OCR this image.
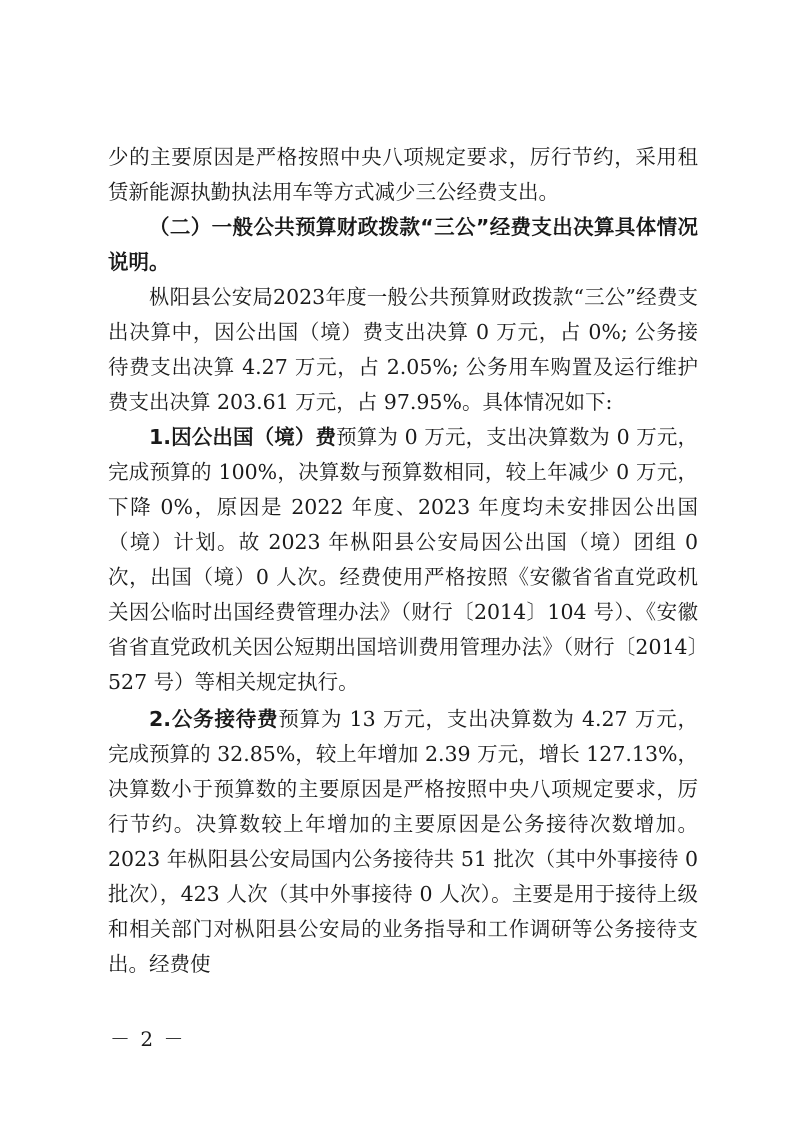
少的主要原因是严格按照中央八项规定要求，厉行节约，采用租赁新能源执勤执法用车等方式减少三公经费支出。

（二）一般公共预算财政拨款“三公”经费支出决算具体情况说明。

枞阳县公安局2023年度一般公共预算财政拨款“三公”经费支出决算中，因公出国（境）费支出决算 0 万元，占 0%; 公务接待费支出决算 4.27 万元，占 2.05%; 公务用车购置及运行维护费支出决算 203.61 万元，占 97.95%。具体情况如下:

1.因公出国（境）费预算为 0 万元，支出决算数为 0 万元，完成预算的 100%，决算数与预算数相同，较上年减少 0 万元，下降 0%，原因是 2022 年度、2023 年度均未安排因公出国（境）计划。故 2023 年枞阳县公安局因公出国（境）团组 0 次，出国（境）0 人次。经费使用严格按照《安徽省省直党政机关因公临时出国经费管理办法》（财行〔2014〕104 号）、《安徽省省直党政机关因公短期出国培训费用管理办法》（财行〔2014〕527 号）等相关规定执行。

2.公务接待费预算为 13 万元，支出决算数为 4.27 万元，完成预算的 32.85%，较上年增加 2.39 万元，增长 127.13%，决算数小于预算数的主要原因是严格按照中央八项规定要求，厉行节约。决算数较上年增加的主要原因是公务接待次数增加。2023 年枞阳县公安局国内公务接待共 51 批次（其中外事接待 0 批次），423 人次（其中外事接待 0 人次）。主要是用于接待上级和相关部门对枞阳县公安局的业务指导和工作调研等公务接待支出。经费使

－ 2 －
